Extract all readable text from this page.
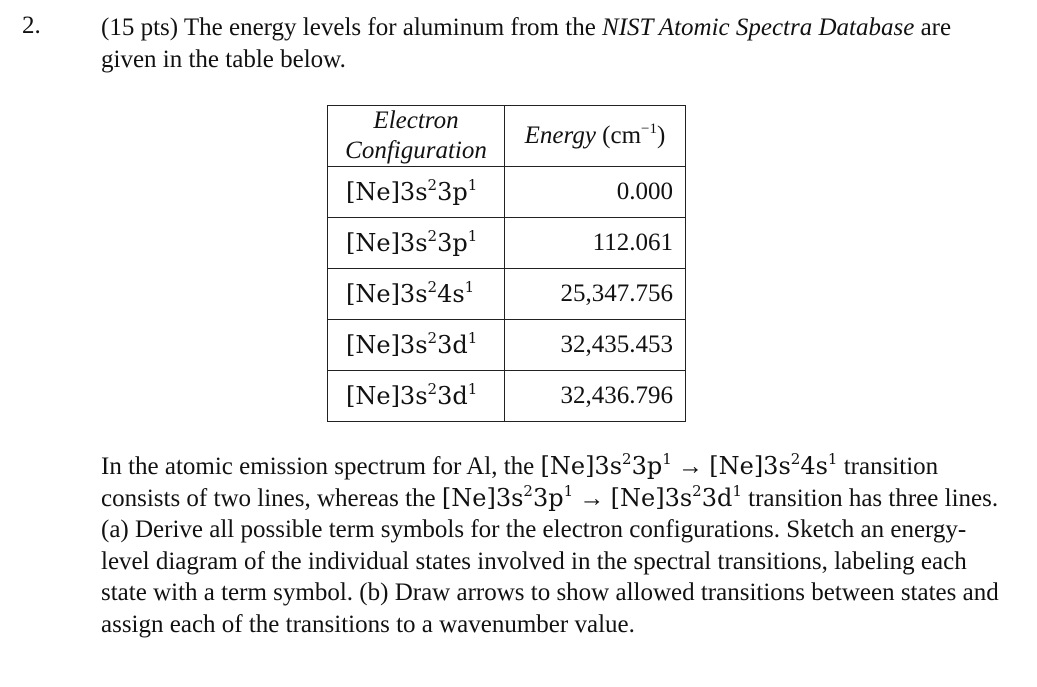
2. (15 pts) The energy levels for aluminum from the NIST Atomic Spectra Database are given in the table below.
Electron
Configuration	Energy $(cm^{-1})$
$[Ne]3s^23p^1$	0.000
$[Ne]3s^23p^1$	112.061
$[Ne]3s^24s^1$	25,347.756
$[Ne]3s^23d^1$	32,435.453
$[Ne]3s^23d^1$	32,436.796
In the atomic emission spectrum for Al, the $[Ne]3s^23p^1 \to [Ne]3s^24s^1$ transition consists of two lines, whereas the $[Ne]3s^23p^1 \to [Ne]3s^23d^1$ transition has three lines. (a) Derive all possible term symbols for the electron configurations. Sketch an energy-level diagram of the individual states involved in the spectral transitions, labeling each state with a term symbol. (b) Draw arrows to show allowed transitions between states and assign each of the transitions to a wavenumber value.
